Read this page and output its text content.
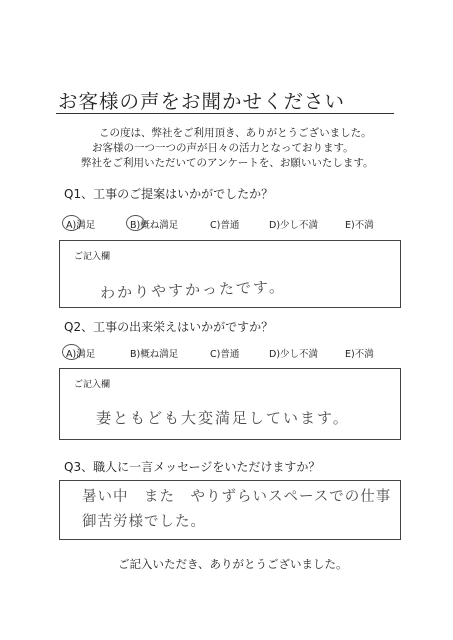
お客様の声をお聞かせください
この度は、弊社をご利用頂き、ありがとうございました。
お客様の一つ一つの声が日々の活力となっております。
弊社をご利用いただいてのアンケートを、お願いいたします。
Q1、工事のご提案はいかがでしたか？
A)満足	B)概ね満足	C)普通	D)少し不満	E)不満
ご記入欄
わかりやすかったです。
Q2、工事の出来栄えはいかがですか？
A)満足	B)概ね満足	C)普通	D)少し不満	E)不満
ご記入欄
妻ともども大変満足しています。
Q3、職人に一言メッセージをいただけますか？
暑い中　また　やりずらいスペースでの仕事
御苦労様でした。
ご記入いただき、ありがとうございました。
